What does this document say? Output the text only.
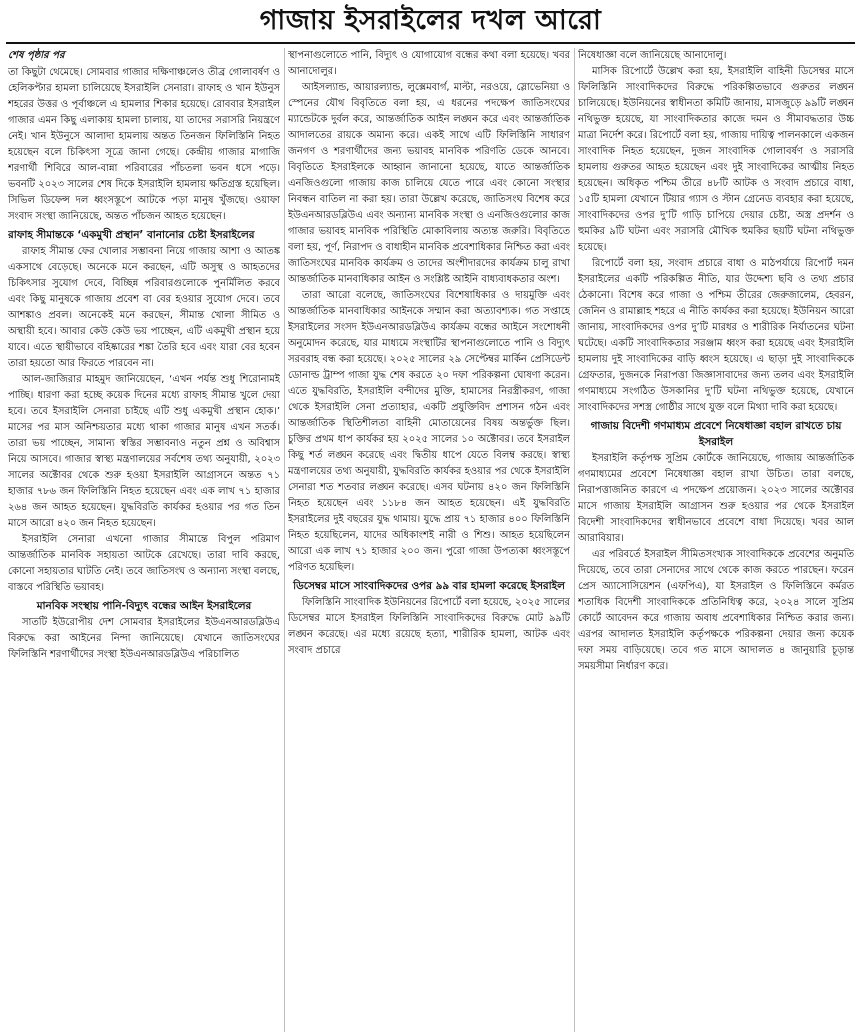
গাজায় ইসরাইলের দখল আরো
শেষ পৃষ্ঠার পর

তা কিছুটা থেমেছে। সোমবার গাজার দক্ষিণাঞ্চলেও তীব্র গোলাবর্ষণ ও হেলিকপ্টার হামলা চালিয়েছে ইসরাইলি সেনারা। রাফাহ ও খান ইউনুস শহরের উত্তর ও পূর্বাঞ্চলে এ হামলার শিকার হয়েছে। রোববার ইসরাইল গাজার এমন কিছু এলাকায় হামলা চালায়, যা তাদের সরাসরি নিয়ন্ত্রণে নেই। খান ইউনুসে আলাদা হামলায় অন্তত তিনজন ফিলিস্তিনি নিহত হয়েছেন বলে চিকিৎসা সূত্রে জানা গেছে। কেন্দ্রীয় গাজার মাগাজি শরণার্থী শিবিরে আল-বান্না পরিবারের পাঁচতলা ভবন ধসে পড়ে। ভবনটি ২০২৩ সালের শেষ দিকে ইসরাইলি হামলায় ক্ষতিগ্রস্ত হয়েছিল। সিভিল ডিফেন্স দল ধ্বংসস্তূপে আটকে পড়া মানুষ খুঁজছে। ওয়াফা সংবাদ সংস্থা জানিয়েছে, অন্তত পাঁচজন আহত হয়েছেন।

রাফাহ সীমান্তকে ‘একমুখী প্রস্থান’ বানানোর চেষ্টা ইসরাইলের

রাফাহ সীমান্ত ফের খোলার সম্ভাবনা নিয়ে গাজায় আশা ও আতঙ্ক একসাথে বেড়েছে। অনেকে মনে করছেন, এটি অসুস্থ ও আহতদের চিকিৎসার সুযোগ দেবে, বিচ্ছিন্ন পরিবারগুলোকে পুনর্মিলিত করবে এবং কিছু মানুষকে গাজায় প্রবেশ বা বের হওয়ার সুযোগ দেবে। তবে আশঙ্কাও প্রবল। অনেকেই মনে করছেন, সীমান্ত খোলা সীমিত ও অস্থায়ী হবে। আবার কেউ কেউ ভয় পাচ্ছেন, এটি একমুখী প্রস্থান হয়ে যাবে। এতে স্থায়ীভাবে বহিষ্কারের শঙ্কা তৈরি হবে এবং যারা বের হবেন তারা হয়তো আর ফিরতে পারবেন না।

আল-জাজিরার মাহমুদ জানিয়েছেন, ‘এখন পর্যন্ত শুধু শিরোনামই পাচ্ছি। ধারণা করা হচ্ছে কয়েক দিনের মধ্যে রাফাহ সীমান্ত খুলে দেয়া হবে। তবে ইসরাইলি সেনারা চাইছে এটি শুধু একমুখী প্রস্থান হোক।’ মাসের পর মাস অনিশ্চয়তার মধ্যে থাকা গাজার মানুষ এখন সতর্ক। তারা ভয় পাচ্ছেন, সামান্য স্বস্তির সম্ভাবনাও নতুন প্রশ্ন ও অবিশ্বাস নিয়ে আসবে। গাজার স্বাস্থ্য মন্ত্রণালয়ের সর্বশেষ তথ্য অনুযায়ী, ২০২৩ সালের অক্টোবর থেকে শুরু হওয়া ইসরাইলি আগ্রাসনে অন্তত ৭১ হাজার ৭৮৬ জন ফিলিস্তিনি নিহত হয়েছেন এবং এক লাখ ৭১ হাজার ২৬৪ জন আহত হয়েছেন। যুদ্ধবিরতি কার্যকর হওয়ার পর গত তিন মাসে আরো ৪২০ জন নিহত হয়েছেন।

ইসরাইলি সেনারা এখনো গাজার সীমান্তে বিপুল পরিমাণ আন্তর্জাতিক মানবিক সহায়তা আটকে রেখেছে। তারা দাবি করছে, কোনো সহায়তার ঘাটতি নেই। তবে জাতিসংঘ ও অন্যান্য সংস্থা বলছে, বাস্তবে পরিস্থিতি ভয়াবহ।

মানবিক সংস্থায় পানি-বিদ্যুৎ বন্ধের আইন ইসরাইলের

সাতটি ইউরোপীয় দেশ সোমবার ইসরাইলের ইউএনআরডব্লিউএ বিরুদ্ধে করা আইনের নিন্দা জানিয়েছে। যেখানে জাতিসংঘের ফিলিস্তিনি শরণার্থীদের সংস্থা ইউএনআরডব্লিউএ পরিচালিত

স্থাপনাগুলোতে পানি, বিদ্যুৎ ও যোগাযোগ বন্ধের কথা বলা হয়েছে। খবর আনাদোলুর।

আইসল্যান্ড, আয়ারল্যান্ড, লুক্সেমবার্গ, মাল্টা, নরওয়ে, স্লোভেনিয়া ও স্পেনের যৌথ বিবৃতিতে বলা হয়, এ ধরনের পদক্ষেপ জাতিসংঘের ম্যান্ডেটকে দুর্বল করে, আন্তর্জাতিক আইন লঙ্ঘন করে এবং আন্তর্জাতিক আদালতের রায়কে অমান্য করে। একই সাথে এটি ফিলিস্তিনি সাধারণ জনগণ ও শরণার্থীদের জন্য ভয়াবহ মানবিক পরিণতি ডেকে আনবে। বিবৃতিতে ইসরাইলকে আহ্বান জানানো হয়েছে, যাতে আন্তর্জাতিক এনজিওগুলো গাজায় কাজ চালিয়ে যেতে পারে এবং কোনো সংস্থার নিবন্ধন বাতিল না করা হয়। তারা উল্লেখ করেছে, জাতিসংঘ বিশেষ করে ইউএনআরডব্লিউএ এবং অন্যান্য মানবিক সংস্থা ও এনজিওগুলোর কাজ গাজার ভয়াবহ মানবিক পরিস্থিতি মোকাবিলায় অত্যন্ত জরুরি। বিবৃতিতে বলা হয়, পূর্ণ, নিরাপদ ও বাধাহীন মানবিক প্রবেশাধিকার নিশ্চিত করা এবং জাতিসংঘের মানবিক কার্যক্রম ও তাদের অংশীদারদের কার্যক্রম চালু রাখা আন্তর্জাতিক মানবাধিকার আইন ও সংশ্লিষ্ট আইনি বাধ্যবাধকতার অংশ।

তারা আরো বলেছে, জাতিসংঘের বিশেষাধিকার ও দায়মুক্তি এবং আন্তর্জাতিক মানবাধিকার আইনকে সম্মান করা অত্যাবশ্যক। গত সপ্তাহে ইসরাইলের সংসদ ইউএনআরডব্লিউএ কার্যক্রম বন্ধের আইনে সংশোধনী অনুমোদন করেছে, যার মাধ্যমে সংস্থাটির স্থাপনাগুলোতে পানি ও বিদ্যুৎ সরবরাহ বন্ধ করা হয়েছে। ২০২৫ সালের ২৯ সেপ্টেম্বর মার্কিন প্রেসিডেন্ট ডোনাল্ড ট্রাম্প গাজা যুদ্ধ শেষ করতে ২০ দফা পরিকল্পনা ঘোষণা করেন। এতে যুদ্ধবিরতি, ইসরাইলি বন্দীদের মুক্তি, হামাসের নিরস্ত্রীকরণ, গাজা থেকে ইসরাইলি সেনা প্রত্যাহার, একটি প্রযুক্তিবিদ প্রশাসন গঠন এবং আন্তর্জাতিক স্থিতিশীলতা বাহিনী মোতায়েনের বিষয় অন্তর্ভুক্ত ছিল। চুক্তির প্রথম ধাপ কার্যকর হয় ২০২৫ সালের ১০ অক্টোবর। তবে ইসরাইল কিছু শর্ত লঙ্ঘন করেছে এবং দ্বিতীয় ধাপে যেতে বিলম্ব করছে। স্বাস্থ্য মন্ত্রণালয়ের তথ্য অনুযায়ী, যুদ্ধবিরতি কার্যকর হওয়ার পর থেকে ইসরাইলি সেনারা শত শতবার লঙ্ঘন করেছে। এসব ঘটনায় ৪২০ জন ফিলিস্তিনি নিহত হয়েছেন এবং ১১৮৪ জন আহত হয়েছেন। এই যুদ্ধবিরতি ইসরাইলের দুই বছরের যুদ্ধ থামায়। যুদ্ধে প্রায় ৭১ হাজার ৪০০ ফিলিস্তিনি নিহত হয়েছিলেন, যাদের অধিকাংশই নারী ও শিশু। আহত হয়েছিলেন আরো এক লাখ ৭১ হাজার ২০০ জন। পুরো গাজা উপত্যকা ধ্বংসস্তূপে পরিণত হয়েছিল।

ডিসেম্বর মাসে সাংবাদিকদের ওপর ৯৯ বার হামলা করেছে ইসরাইল

ফিলিস্তিনি সাংবাদিক ইউনিয়নের রিপোর্টে বলা হয়েছে, ২০২৫ সালের ডিসেম্বর মাসে ইসরাইল ফিলিস্তিনি সাংবাদিকদের বিরুদ্ধে মোট ৯৯টি লঙ্ঘন করেছে। এর মধ্যে রয়েছে হত্যা, শারীরিক হামলা, আটক এবং সংবাদ প্রচারে

নিষেধাজ্ঞা বলে জানিয়েছে আনাদোলু।

মাসিক রিপোর্টে উল্লেখ করা হয়, ইসরাইলি বাহিনী ডিসেম্বর মাসে ফিলিস্তিনি সাংবাদিকদের বিরুদ্ধে পরিকল্পিতভাবে গুরুতর লঙ্ঘন চালিয়েছে। ইউনিয়নের স্বাধীনতা কমিটি জানায়, মাসজুড়ে ৯৯টি লঙ্ঘন নথিভুক্ত হয়েছে, যা সাংবাদিকতার কাজে দমন ও সীমাবদ্ধতার উচ্চ মাত্রা নির্দেশ করে। রিপোর্টে বলা হয়, গাজায় দায়িত্ব পালনকালে একজন সাংবাদিক নিহত হয়েছেন, দুজন সাংবাদিক গোলাবর্ষণ ও সরাসরি হামলায় গুরুতর আহত হয়েছেন এবং দুই সাংবাদিকের আত্মীয় নিহত হয়েছেন। অধিকৃত পশ্চিম তীরে ৪৮টি আটক ও সংবাদ প্রচারে বাধা, ১৫টি হামলা যেখানে টিয়ার গ্যাস ও স্টান গ্রেনেড ব্যবহার করা হয়েছে, সাংবাদিকদের ওপর দু’টি গাড়ি চাপিয়ে দেয়ার চেষ্টা, অস্ত্র প্রদর্শন ও হুমকির ৯টি ঘটনা এবং সরাসরি মৌখিক হুমকির ছয়টি ঘটনা নথিভুক্ত হয়েছে।

রিপোর্টে বলা হয়, সংবাদ প্রচারে বাধা ও মাঠপর্যায়ে রিপোর্ট দমন ইসরাইলের একটি পরিকল্পিত নীতি, যার উদ্দেশ্য ছবি ও তথ্য প্রচার ঠেকানো। বিশেষ করে গাজা ও পশ্চিম তীরের জেরুজালেম, হেবরন, জেনিন ও রামাল্লাহ শহরে এ নীতি কার্যকর করা হয়েছে। ইউনিয়ন আরো জানায়, সাংবাদিকদের ওপর দু’টি মারধর ও শারীরিক নির্যাতনের ঘটনা ঘটেছে। একটি সাংবাদিকতার সরঞ্জাম ধ্বংস করা হয়েছে এবং ইসরাইলি হামলায় দুই সাংবাদিকের বাড়ি ধ্বংস হয়েছে। এ ছাড়া দুই সাংবাদিককে গ্রেফতার, দুজনকে নিরাপত্তা জিজ্ঞাসাবাদের জন্য তলব এবং ইসরাইলি গণমাধ্যমে সংগঠিত উসকানির দু’টি ঘটনা নথিভুক্ত হয়েছে, যেখানে সাংবাদিকদের সশস্ত্র গোষ্ঠীর সাথে যুক্ত বলে মিথ্যা দাবি করা হয়েছে।

গাজায় বিদেশী গণমাধ্যম প্রবেশে নিষেধাজ্ঞা বহাল রাখতে চায় ইসরাইল

ইসরাইলি কর্তৃপক্ষ সুপ্রিম কোর্টকে জানিয়েছে, গাজায় আন্তর্জাতিক গণমাধ্যমের প্রবেশে নিষেধাজ্ঞা বহাল রাখা উচিত। তারা বলছে, নিরাপত্তাজনিত কারণে এ পদক্ষেপ প্রয়োজন। ২০২৩ সালের অক্টোবর মাসে গাজায় ইসরাইলি আগ্রাসন শুরু হওয়ার পর থেকে ইসরাইল বিদেশী সাংবাদিকদের স্বাধীনভাবে প্রবেশে বাধা দিয়েছে। খবর আল আরাবিয়ার।

এর পরিবর্তে ইসরাইল সীমিতসংখ্যক সাংবাদিককে প্রবেশের অনুমতি দিয়েছে, তবে তারা সেনাদের সাথে থেকে কাজ করতে পারছেন। ফরেন প্রেস অ্যাসোসিয়েশন (এফপিএ), যা ইসরাইল ও ফিলিস্তিনে কর্মরত শতাধিক বিদেশী সাংবাদিককে প্রতিনিধিত্ব করে, ২০২৪ সালে সুপ্রিম কোর্টে আবেদন করে গাজায় অবাধ প্রবেশাধিকার নিশ্চিত করার জন্য। এরপর আদালত ইসরাইলি কর্তৃপক্ষকে পরিকল্পনা দেয়ার জন্য কয়েক দফা সময় বাড়িয়েছে। তবে গত মাসে আদালত ৪ জানুয়ারি চূড়ান্ত সময়সীমা নির্ধারণ করে।
